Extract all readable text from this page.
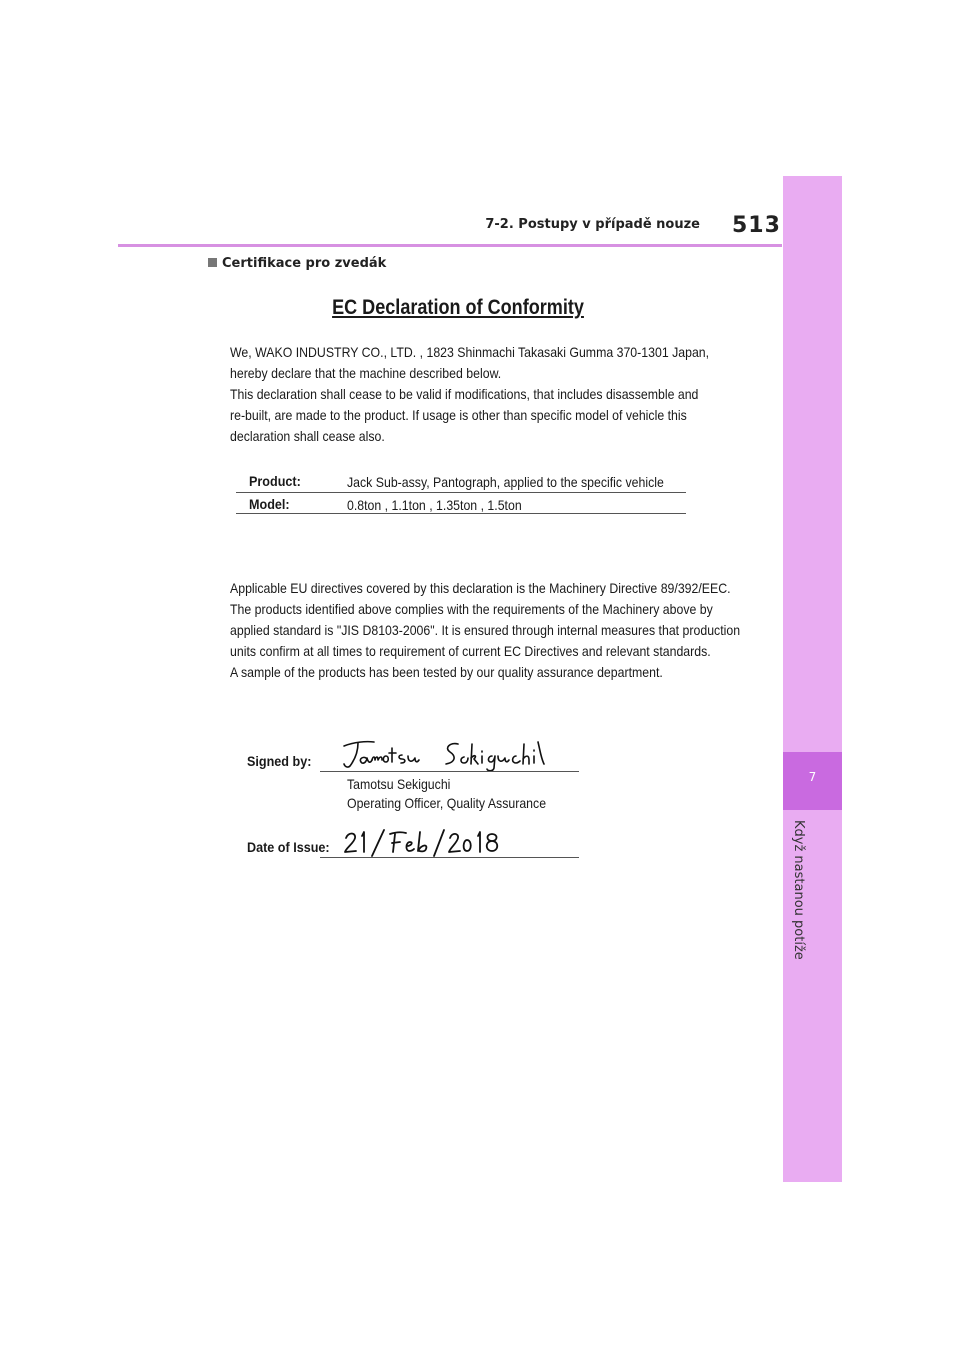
7-2. Postupy v případě nouze 513
7
Když nastanou potíže
Certifikace pro zvedák
EC Declaration of Conformity
We, WAKO INDUSTRY CO., LTD. , 1823 Shinmachi Takasaki Gumma 370-1301 Japan,
hereby declare that the machine described below.
This declaration shall cease to be valid if modifications, that includes disassemble and
re-built, are made to the product. If usage is other than specific model of vehicle this
declaration shall cease also.
Product:	Jack Sub-assy, Pantograph, applied to the specific vehicle
Model:	0.8ton , 1.1ton , 1.35ton , 1.5ton
Applicable EU directives covered by this declaration is the Machinery Directive 89/392/EEC.
The products identified above complies with the requirements of the Machinery above by
applied standard is "JIS D8103-2006". It is ensured through internal measures that production
units confirm at all times to requirement of current EC Directives and relevant standards.
A sample of the products has been tested by our quality assurance department.
Signed by:
Tamotsu Sekiguchi
Operating Officer, Quality Assurance
Date of Issue:
